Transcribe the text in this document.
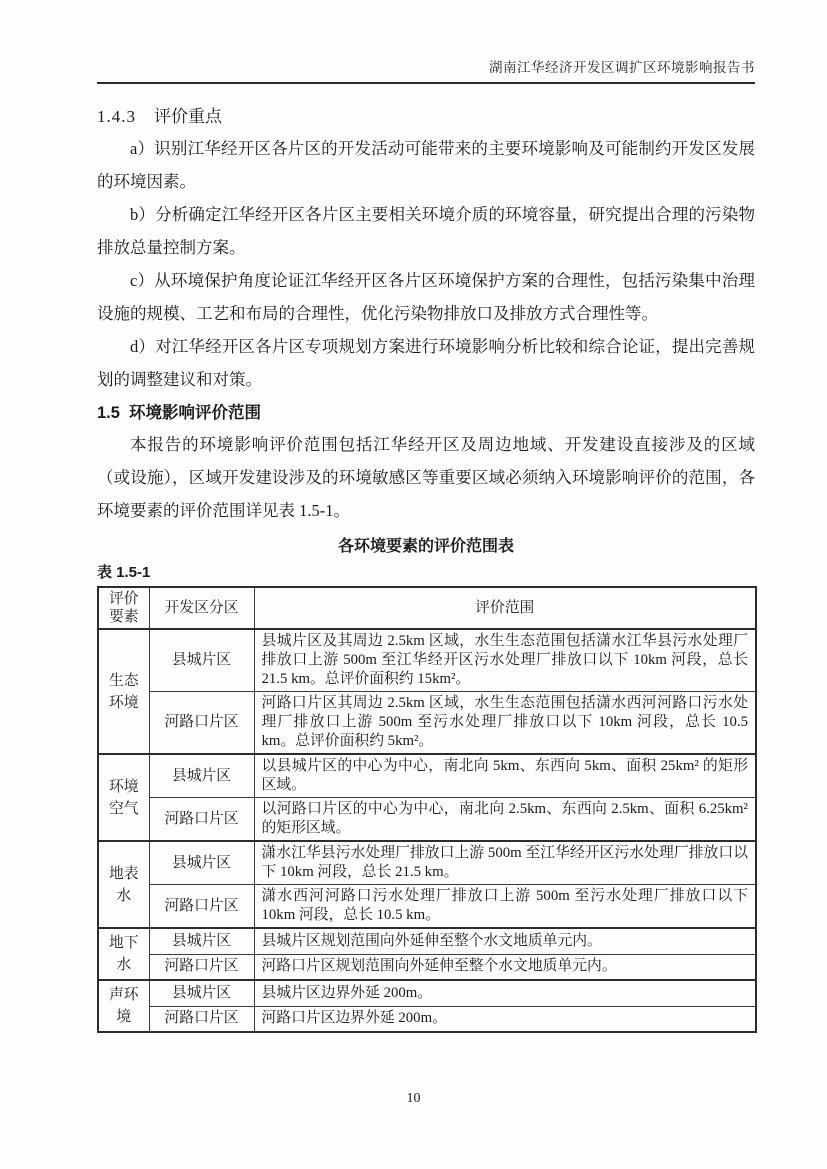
湖南江华经济开发区调扩区环境影响报告书
1.4.3 评价重点

a）识别江华经开区各片区的开发活动可能带来的主要环境影响及可能制约开发区发展的环境因素。

b）分析确定江华经开区各片区主要相关环境介质的环境容量，研究提出合理的污染物排放总量控制方案。

c）从环境保护角度论证江华经开区各片区环境保护方案的合理性，包括污染集中治理设施的规模、工艺和布局的合理性，优化污染物排放口及排放方式合理性等。

d）对江华经开区各片区专项规划方案进行环境影响分析比较和综合论证，提出完善规划的调整建议和对策。

1.5 环境影响评价范围

本报告的环境影响评价范围包括江华经开区及周边地域、开发建设直接涉及的区域（或设施），区域开发建设涉及的环境敏感区等重要区域必须纳入环境影响评价的范围，各环境要素的评价范围详见表 1.5-1。

各环境要素的评价范围表
表 1.5-1
评价要素	开发区分区	评价范围
生态环境	县城片区	县城片区及其周边 2.5km 区域，水生生态范围包括潇水江华县污水处理厂排放口上游 500m 至江华经开区污水处理厂排放口以下 10km 河段，总长 21.5 km。总评价面积约 15km²。
	河路口片区	河路口片区其周边 2.5km 区域，水生生态范围包括潇水西河河路口污水处理厂排放口上游 500m 至污水处理厂排放口以下 10km 河段，总长 10.5 km。总评价面积约 5km²。
环境空气	县城片区	以县城片区的中心为中心，南北向 5km、东西向 5km、面积 25km² 的矩形区域。
	河路口片区	以河路口片区的中心为中心，南北向 2.5km、东西向 2.5km、面积 6.25km² 的矩形区域。
地表水	县城片区	潇水江华县污水处理厂排放口上游 500m 至江华经开区污水处理厂排放口以下 10km 河段，总长 21.5 km。
	河路口片区	潇水西河河路口污水处理厂排放口上游 500m 至污水处理厂排放口以下 10km 河段，总长 10.5 km。
地下水	县城片区	县城片区规划范围向外延伸至整个水文地质单元内。
	河路口片区	河路口片区规划范围向外延伸至整个水文地质单元内。
声环境	县城片区	县城片区边界外延 200m。
	河路口片区	河路口片区边界外延 200m。
10
